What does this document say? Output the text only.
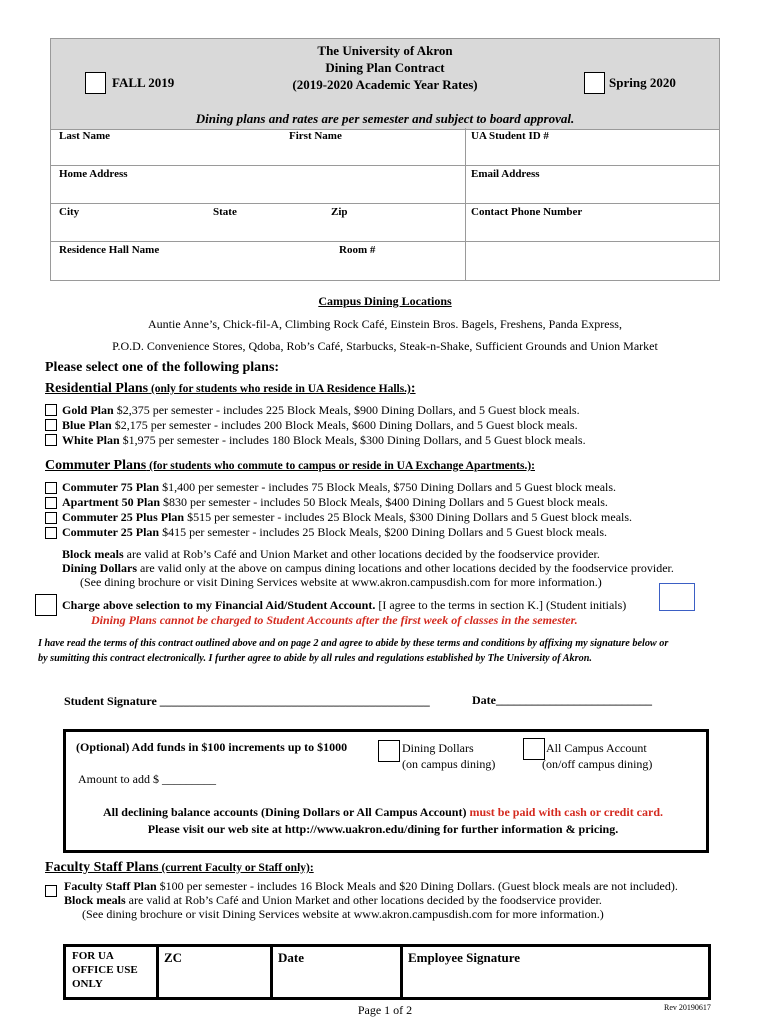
FALL 2019
The University of Akron
Dining Plan Contract
(2019-2020 Academic Year Rates)	Spring 2020
Dining plans and rates are per semester and subject to board approval.
Last Name	First Name	UA Student ID #
Home Address	Email Address
City	State	Zip	Contact Phone Number
Residence Hall Name	Room #
Campus Dining Locations
Auntie Anne’s, Chick-fil-A, Climbing Rock Café, Einstein Bros. Bagels, Freshens, Panda Express,
P.O.D. Convenience Stores, Qdoba, Rob’s Café, Starbucks, Steak-n-Shake, Sufficient Grounds and Union Market
Please select one of the following plans:
Residential Plans (only for students who reside in UA Residence Halls.):
Gold Plan $2,375 per semester - includes 225 Block Meals, $900 Dining Dollars, and 5 Guest block meals.
Blue Plan $2,175 per semester - includes 200 Block Meals, $600 Dining Dollars, and 5 Guest block meals.
White Plan $1,975 per semester - includes 180 Block Meals, $300 Dining Dollars, and 5 Guest block meals.
Commuter Plans (for students who commute to campus or reside in UA Exchange Apartments.):
Commuter 75 Plan $1,400 per semester - includes 75 Block Meals, $750 Dining Dollars and 5 Guest block meals.
Apartment 50 Plan $830 per semester - includes 50 Block Meals, $400 Dining Dollars and 5 Guest block meals.
Commuter 25 Plus Plan $515 per semester - includes 25 Block Meals, $300 Dining Dollars and 5 Guest block meals.
Commuter 25 Plan $415 per semester - includes 25 Block Meals, $200 Dining Dollars and 5 Guest block meals.
Block meals are valid at Rob’s Café and Union Market and other locations decided by the foodservice provider.
Dining Dollars are valid only at the above on campus dining locations and other locations decided by the foodservice provider.
(See dining brochure or visit Dining Services website at www.akron.campusdish.com for more information.)
Charge above selection to my Financial Aid/Student Account. [I agree to the terms in section K.] (Student initials)
Dining Plans cannot be charged to Student Accounts after the first week of classes in the semester.
I have read the terms of this contract outlined above and on page 2 and agree to abide by these terms and conditions by affixing my signature below or
by sumitting this contract electronically. I further agree to abide by all rules and regulations established by The University of Akron.
Student Signature _____________________________________________	Date__________________________
(Optional) Add funds in $100 increments up to $1000	Dining Dollars
(on campus dining)
All Campus Account
(on/off campus dining)
Amount to add $ _________
All declining balance accounts (Dining Dollars or All Campus Account) must be paid with cash or credit card.
Please visit our web site at http://www.uakron.edu/dining for further information & pricing.
Faculty Staff Plans (current Faculty or Staff only):
Faculty Staff Plan $100 per semester - includes 16 Block Meals and $20 Dining Dollars. (Guest block meals are not included).
Block meals are valid at Rob’s Café and Union Market and other locations decided by the foodservice provider.
(See dining brochure or visit Dining Services website at www.akron.campusdish.com for more information.)
FOR UA
OFFICE USE
ONLY
ZC	Date	Employee Signature
Page 1 of 2	Rev 20190617
